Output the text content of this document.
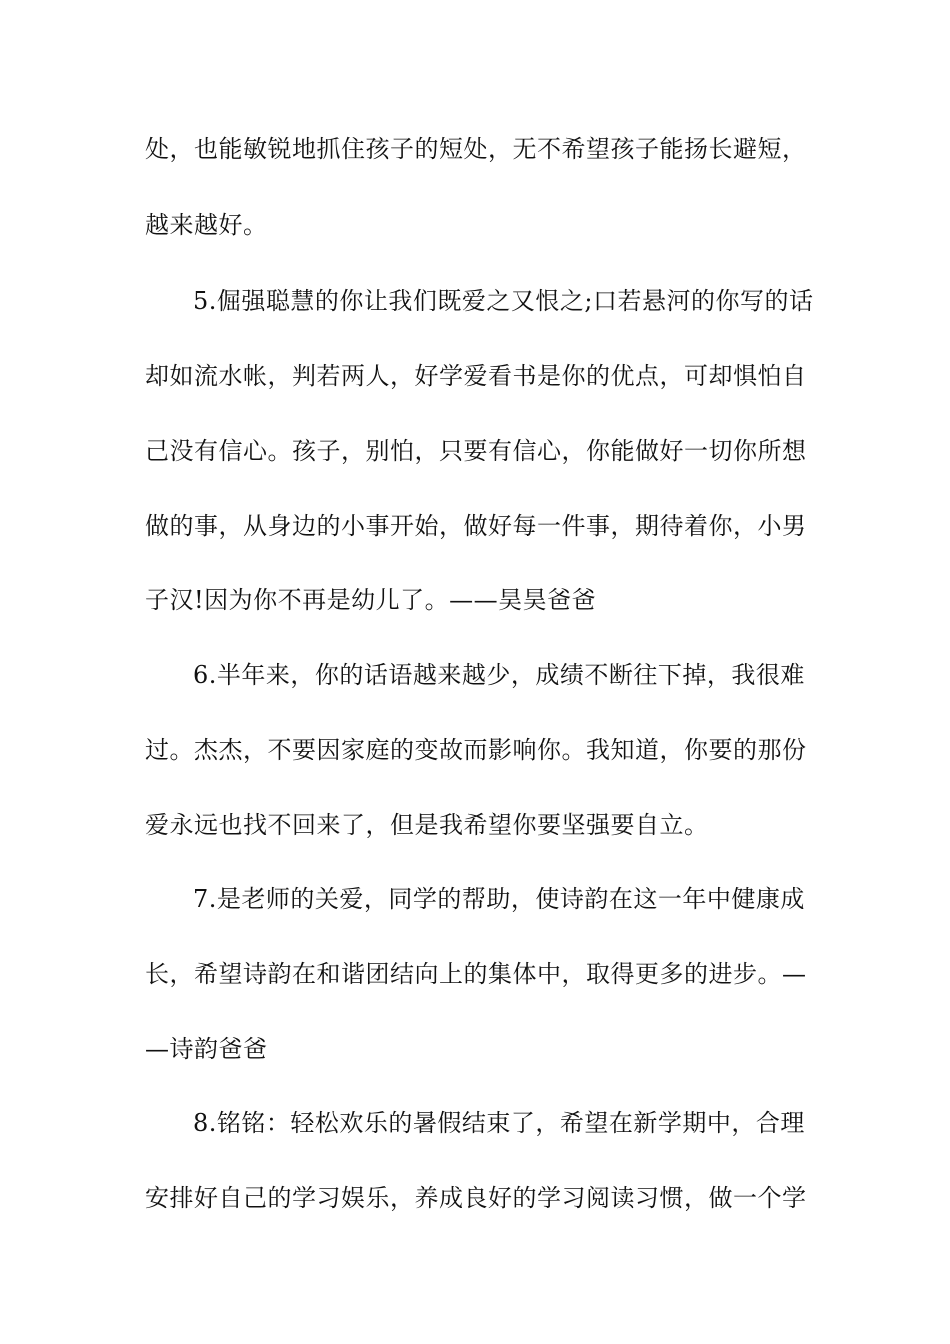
处，也能敏锐地抓住孩子的短处，无不希望孩子能扬长避短，
越来越好。
5.倔强聪慧的你让我们既爱之又恨之;口若悬河的你写的话
却如流水帐，判若两人，好学爱看书是你的优点，可却惧怕自
己没有信心。孩子，别怕，只要有信心，你能做好一切你所想
做的事，从身边的小事开始，做好每一件事，期待着你，小男
子汉!因为你不再是幼儿了。——昊昊爸爸
6.半年来，你的话语越来越少，成绩不断往下掉，我很难
过。杰杰，不要因家庭的变故而影响你。我知道，你要的那份
爱永远也找不回来了，但是我希望你要坚强要自立。
7.是老师的关爱，同学的帮助，使诗韵在这一年中健康成
长，希望诗韵在和谐团结向上的集体中，取得更多的进步。—
—诗韵爸爸
8.铭铭：轻松欢乐的暑假结束了，希望在新学期中，合理
安排好自己的学习娱乐，养成良好的学习阅读习惯，做一个学
